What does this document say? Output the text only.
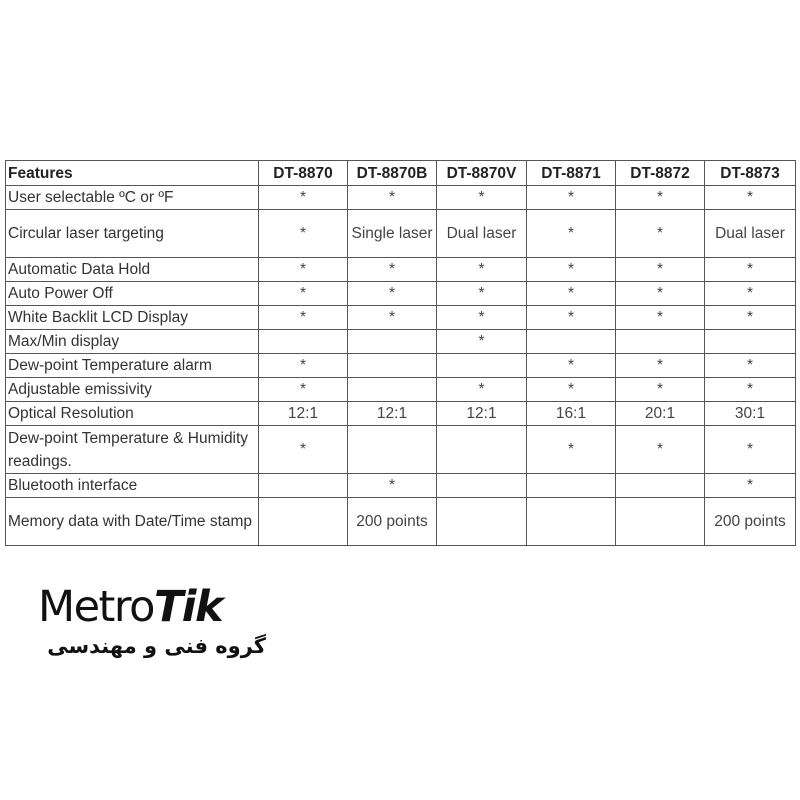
Features	DT-8870	DT-8870B	DT-8870V	DT-8871	DT-8872	DT-8873
User selectable ºC or ºF	*	*	*	*	*	*
Circular laser targeting	*	Single laser	Dual laser	*	*	Dual laser
Automatic Data Hold	*	*	*	*	*	*
Auto Power Off	*	*	*	*	*	*
White Backlit LCD Display	*	*	*	*	*	*
Max/Min display			*			
Dew-point Temperature alarm	*			*	*	*
Adjustable emissivity	*		*	*	*	*
Optical Resolution	12:1	12:1	12:1	16:1	20:1	30:1
Dew-point Temperature & Humidity readings.	*			*	*	*
Bluetooth interface		*				*
Memory data with Date/Time stamp		200 points				200 points
Metro Tik
گروه فنی و مهندسی
